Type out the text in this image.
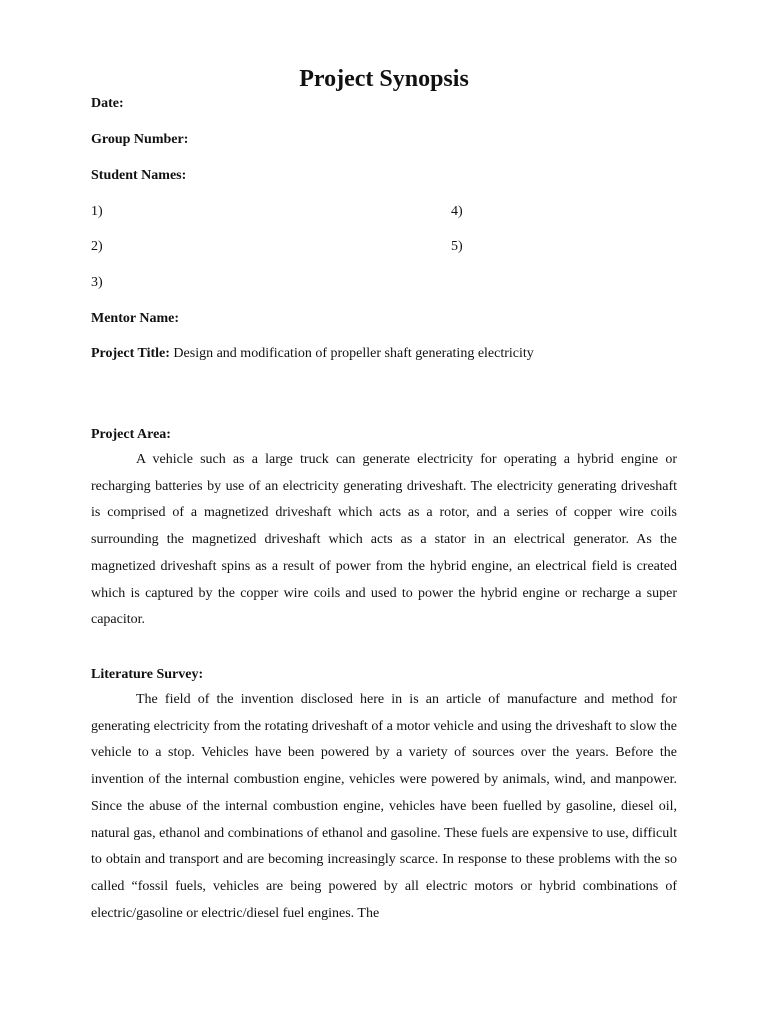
Project Synopsis
Date:
Group Number:
Student Names:
1)	4)
2)	5)
3)
Mentor Name:
Project Title: Design and modification of propeller shaft generating electricity
Project Area:

A vehicle such as a large truck can generate electricity for operating a hybrid engine or recharging batteries by use of an electricity generating driveshaft. The electricity generating driveshaft is comprised of a magnetized driveshaft which acts as a rotor, and a series of copper wire coils surrounding the magnetized driveshaft which acts as a stator in an electrical generator. As the magnetized driveshaft spins as a result of power from the hybrid engine, an electrical field is created which is captured by the copper wire coils and used to power the hybrid engine or recharge a super capacitor.

Literature Survey:

The field of the invention disclosed here in is an article of manufacture and method for generating electricity from the rotating driveshaft of a motor vehicle and using the driveshaft to slow the vehicle to a stop. Vehicles have been powered by a variety of sources over the years. Before the invention of the internal combustion engine, vehicles were powered by animals, wind, and manpower. Since the abuse of the internal combustion engine, vehicles have been fuelled by gasoline, diesel oil, natural gas, ethanol and combinations of ethanol and gasoline. These fuels are expensive to use, difficult to obtain and transport and are becoming increasingly scarce. In response to these problems with the so called “fossil fuels, vehicles are being powered by all electric motors or hybrid combinations of electric/gasoline or electric/diesel fuel engines. The
